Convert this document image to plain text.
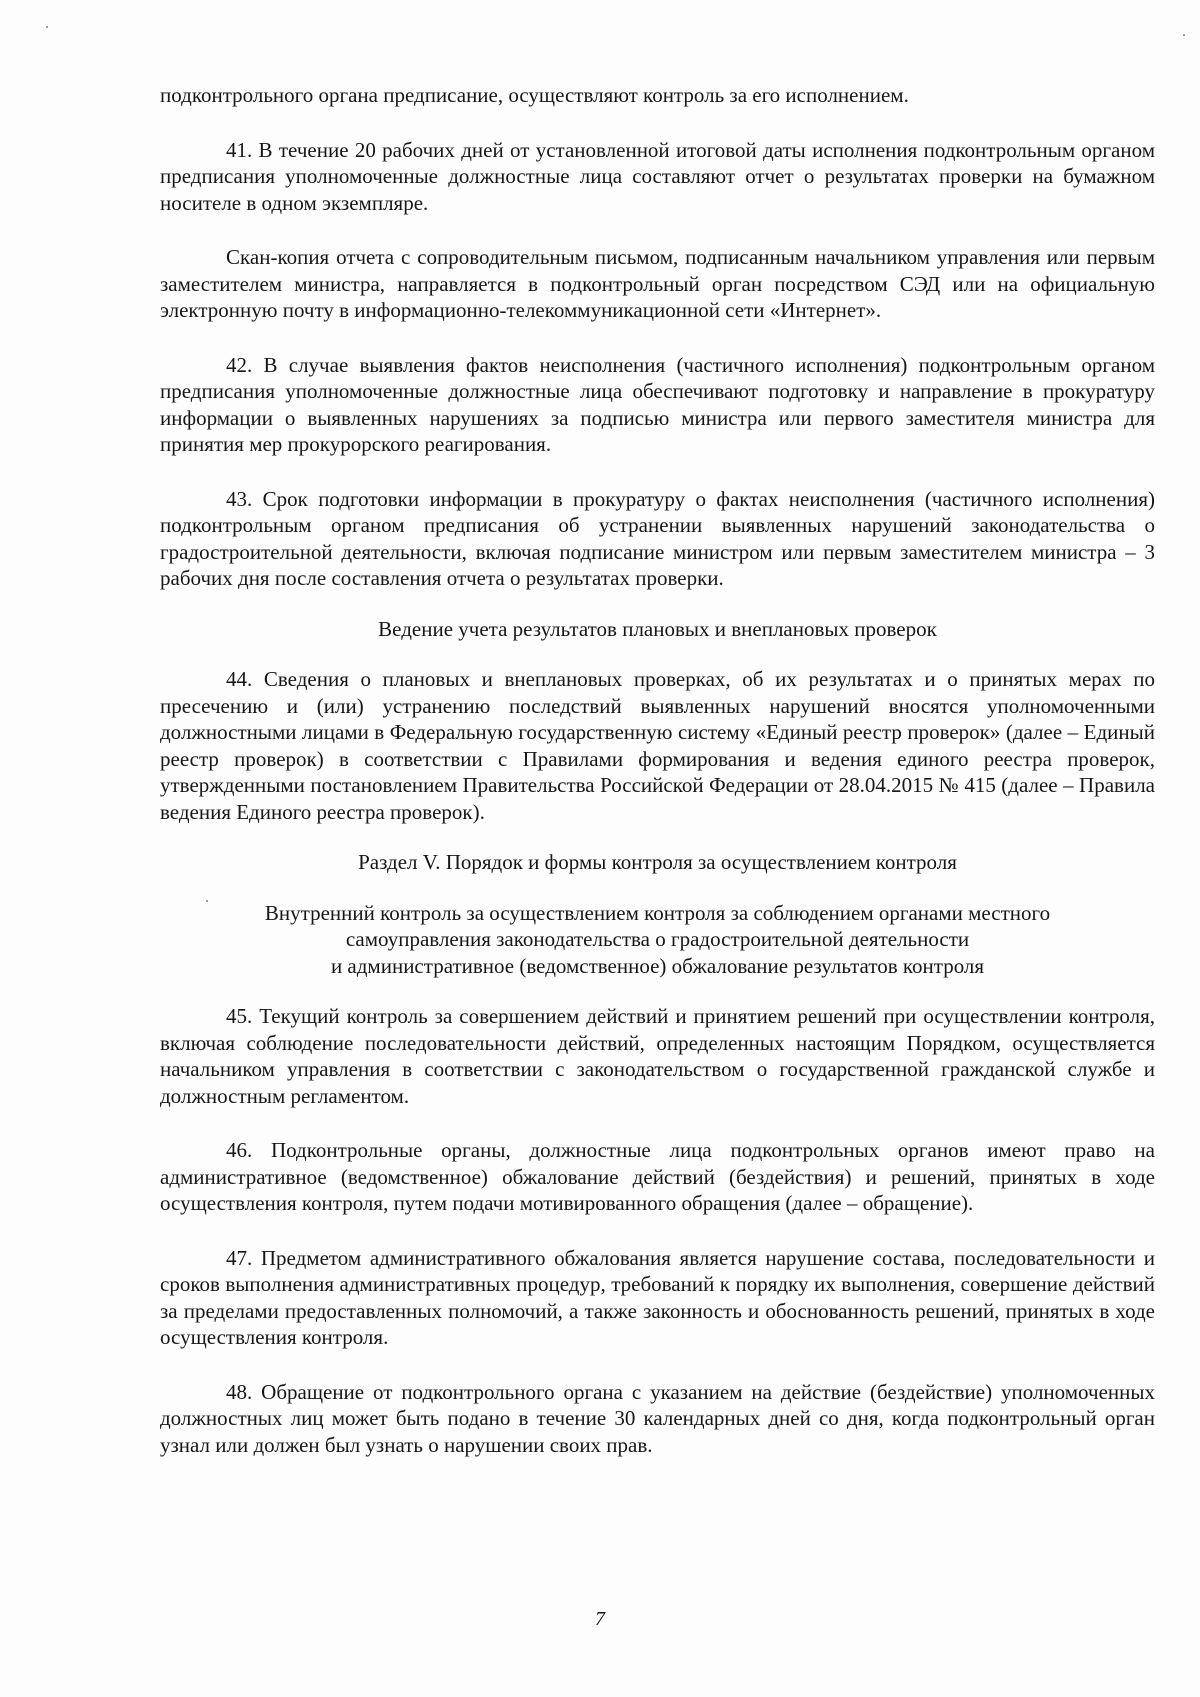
подконтрольного органа предписание, осуществляют контроль за его исполнением.

41. В течение 20 рабочих дней от установленной итоговой даты исполнения подконтрольным органом предписания уполномоченные должностные лица составляют отчет о результатах проверки на бумажном носителе в одном экземпляре.

Скан-копия отчета с сопроводительным письмом, подписанным начальником управления или первым заместителем министра, направляется в подконтрольный орган посредством СЭД или на официальную электронную почту в информационно-телекоммуникационной сети «Интернет».

42. В случае выявления фактов неисполнения (частичного исполнения) подконтрольным органом предписания уполномоченные должностные лица обеспечивают подготовку и направление в прокуратуру информации о выявленных нарушениях за подписью министра или первого заместителя министра для принятия мер прокурорского реагирования.

43. Срок подготовки информации в прокуратуру о фактах неисполнения (частичного исполнения) подконтрольным органом предписания об устранении выявленных нарушений законодательства о градостроительной деятельности, включая подписание министром или первым заместителем министра – 3 рабочих дня после составления отчета о результатах проверки.

Ведение учета результатов плановых и внеплановых проверок

44. Сведения о плановых и внеплановых проверках, об их результатах и о принятых мерах по пресечению и (или) устранению последствий выявленных нарушений вносятся уполномоченными должностными лицами в Федеральную государственную систему «Единый реестр проверок» (далее – Единый реестр проверок) в соответствии с Правилами формирования и ведения единого реестра проверок, утвержденными постановлением Правительства Российской Федерации от 28.04.2015 № 415 (далее – Правила ведения Единого реестра проверок).

Раздел V. Порядок и формы контроля за осуществлением контроля

Внутренний контроль за осуществлением контроля за соблюдением органами местного

самоуправления законодательства о градостроительной деятельности

и административное (ведомственное) обжалование результатов контроля

45. Текущий контроль за совершением действий и принятием решений при осуществлении контроля, включая соблюдение последовательности действий, определенных настоящим Порядком, осуществляется начальником управления в соответствии с законодательством о государственной гражданской службе и должностным регламентом.

46. Подконтрольные органы, должностные лица подконтрольных органов имеют право на административное (ведомственное) обжалование действий (бездействия) и решений, принятых в ходе осуществления контроля, путем подачи мотивированного обращения (далее – обращение).

47. Предметом административного обжалования является нарушение состава, последовательности и сроков выполнения административных процедур, требований к порядку их выполнения, совершение действий за пределами предоставленных полномочий, а также законность и обоснованность решений, принятых в ходе осуществления контроля.

48. Обращение от подконтрольного органа с указанием на действие (бездействие) уполномоченных должностных лиц может быть подано в течение 30 календарных дней со дня, когда подконтрольный орган узнал или должен был узнать о нарушении своих прав.

7
